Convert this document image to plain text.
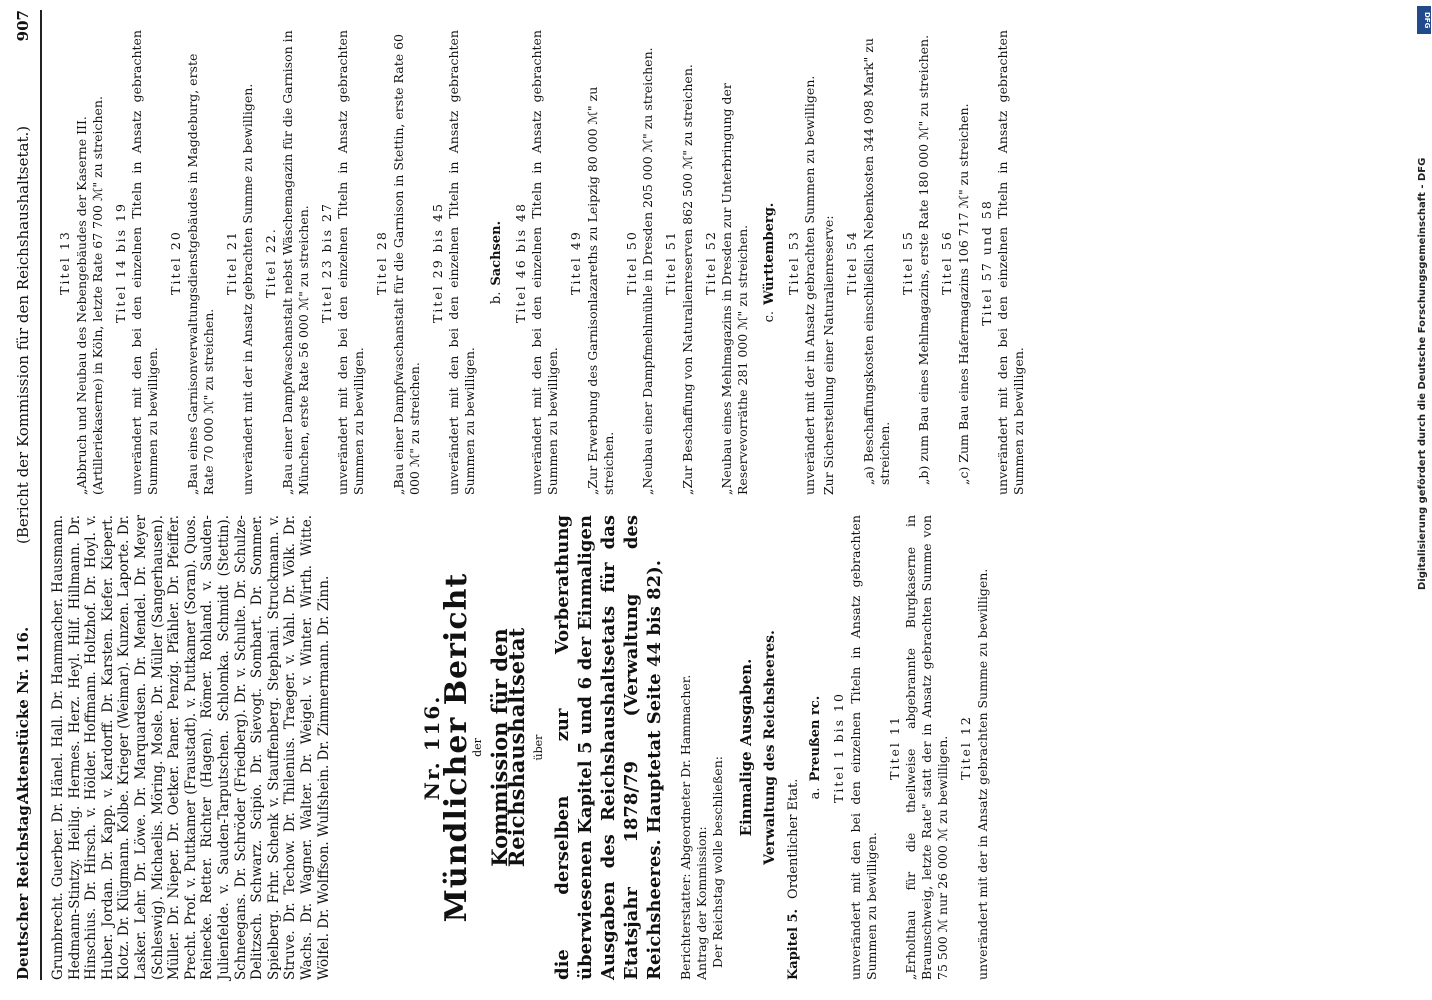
Deutscher Reichstag.
Aktenstücke Nr. 116.
(Bericht der Kommission für den Reichshaushaltsetat.)
907

Grumbrecht. Guerber. Dr. Hänel. Hall. Dr. Hammacher. Hausmann. Hedmann-Stintzy. Heilig. Hermes. Herz. Heyl. Hilf. Hillmann. Dr. Hinschius. Dr. Hirsch. v. Hölder. Hoffmann. Holtzhof. Dr. Hoyl. v. Huber. Jordan. Dr. Kapp. v. Kardorff. Dr. Karsten. Kiefer. Kiepert. Klotz. Dr. Klügmann. Kolbe. Krieger (Weimar). Kunzen. Laporte. Dr. Lasker. Lehr. Dr. Löwe. Dr. Marquardsen. Dr. Mendel. Dr. Meyer (Schleswig). Michaelis. Möring. Mosle. Dr. Müller (Sangerhausen). Müller. Dr. Nieper. Dr. Oetker. Paner. Penzig. Pfähler. Dr. Pfeiffer. Precht. Prof. v. Puttkamer (Fraustadt). v. Puttkamer (Soran). Quos. Reinecke. Retter. Richter (Hagen). Römer. Rohland. v. Sauden-Julienfelde. v. Sauden-Tarputschen. Schlomka. Schmidt (Stettin). Schneegans. Dr. Schröder (Friedberg). Dr. v. Schulte. Dr. Schulze-Delitzsch. Schwarz. Scipio. Dr. Sievogt. Sombart. Dr. Sommer. Spielberg. Frhr. Schenk v. Stauffenberg. Stephani. Struckmann. v. Struve. Dr. Techow. Dr. Thilenius. Traeger. v. Vahl. Dr. Völk. Dr. Wachs. Dr. Wagner. Walter. Dr. Weigel. v. Winter. Wirth. Witte. Wölfel. Dr. Wolffson. Wulfshein. Dr. Zimmermann. Dr. Zinn.	Nr. 116.

Mündlicher Bericht

der Kommission für den Reichshaushaltsetat über die derselben zur Vorberathung überwiesenen Kapitel 5 und 6 der Einmaligen Ausgaben des Reichshaushaltsetats für das Etatsjahr 1878/79 (Verwaltung des Reichsheeres. Hauptetat Seite 44 bis 82). Berichterstatter: Abgeordneter Dr. Hammacher. Antrag der Kommission: Der Reichstag wolle beschließen:

Einmalige Ausgaben. Verwaltung des Reichsheeres.

Kapitel 5.Ordentlicher Etat. a.Preußen rc. Titel 1 bis 10 unverändert mit den bei den einzelnen Titeln in Ansatz gebrachten Summen zu bewilligen.

Titel 11 „Erholthau für die theilweise abgebrannte Burgkaserne in Braunschweig, letzte Rate" statt der in Ansatz gebrachten Summe von 75 500 ℳ nur 26 000 ℳ zu bewilligen. Titel 12 unverändert mit der in Ansatz gebrachten Summe zu bewilligen.

Titel 13 „Abbruch und Neubau des Nebengebäudes der Kaserne III. (Artilleriekaserne) in Köln, letzte Rate 67 700 ℳ" zu streichen. Titel 14 bis 19 unverändert mit den bei den einzelnen Titeln in Ansatz gebrachten Summen zu bewilligen.

Titel 20 „Bau eines Garnisonverwaltungsdienstgebäudes in Magdeburg, erste Rate 70 000 ℳ" zu streichen.

Titel 21 unverändert mit der in Ansatz gebrachten Summe zu bewilligen. Titel 22. „Bau einer Dampfwaschanstalt nebst Wäschemagazin für die Garnison in München, erste Rate 56 000 ℳ" zu streichen. Titel 23 bis 27 unverändert mit den bei den einzelnen Titeln in Ansatz gebrachten Summen zu bewilligen.

Titel 28 „Bau einer Dampfwaschanstalt für die Garnison in Stettin, erste Rate 60 000 ℳ" zu streichen.

Titel 29 bis 45 unverändert mit den bei den einzelnen Titeln in Ansatz gebrachten Summen zu bewilligen.

b.Sachsen. Titel 46 bis 48 unverändert mit den bei den einzelnen Titeln in Ansatz gebrachten Summen zu bewilligen.

Titel 49 „Zur Erwerbung des Garnisonlazareths zu Leipzig 80 000 ℳ" zu streichen.

Titel 50 „Neubau einer Dampfmehlmühle in Dresden 205 000 ℳ" zu streichen. Titel 51 „Zur Beschaffung von Naturalienreserven 862 500 ℳ" zu streichen. Titel 52 „Neubau eines Mehlmagazins in Dresden zur Unterbringung der Reservevorräthe 281 000 ℳ" zu streichen. c.Württemberg. Titel 53 unverändert mit der in Ansatz gebrachten Summen zu bewilligen. Zur Sicherstellung einer Naturalienreserve: Titel 54 „a) Beschaffungskosten einschließlich Nebenkosten 344 098 Mark" zu streichen.

Titel 55 „b) zum Bau eines Mehlmagazins, erste Rate 180 000 ℳ" zu streichen. Titel 56 „c) Zum Bau eines Hafermagazins 106 717 ℳ" zu streichen. Titel 57 und 58 unverändert mit den bei den einzelnen Titeln in Ansatz gebrachten Summen zu bewilligen.	Digitalisierung gefördert durch die Deutsche Forschungsgemeinschaft - DFG
DFG
